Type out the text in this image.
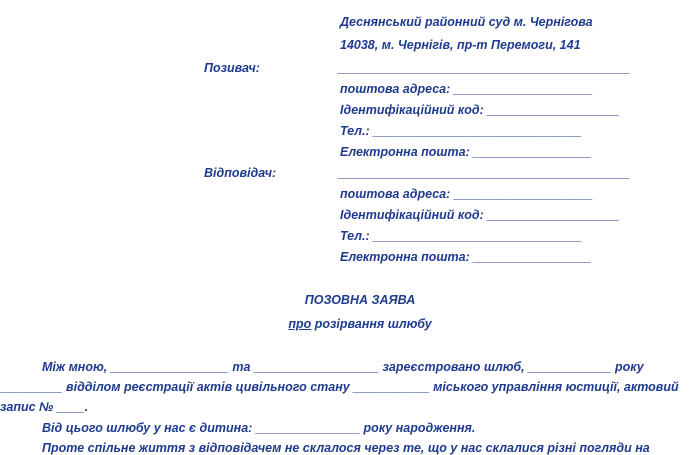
Деснянський районний суд м. Чернігова
14038, м. Чернігів, пр-т Перемоги, 141
Позивач:	__________________________________________
поштова адреса: ____________________
Ідентифікаційний код: ___________________
Тел.: ______________________________
Електронна пошта: _________________
Відповідач:	__________________________________________
поштова адреса: ____________________
Ідентифікаційний код: ___________________
Тел.: ______________________________
Електронна пошта: _________________
ПОЗОВНА ЗАЯВА
про розірвання шлюбу
Між мною, _________________ та __________________ зареєстровано шлюб, ____________ року
_________ відділом реєстрації актів цивільного стану ___________ міського управління юстиції, актовий
запис № ____.
Від цього шлюбу у нас є дитина: _______________ року народження.
Проте спільне життя з відповідачем не склалося через те, що у нас склалися різні погляди на
